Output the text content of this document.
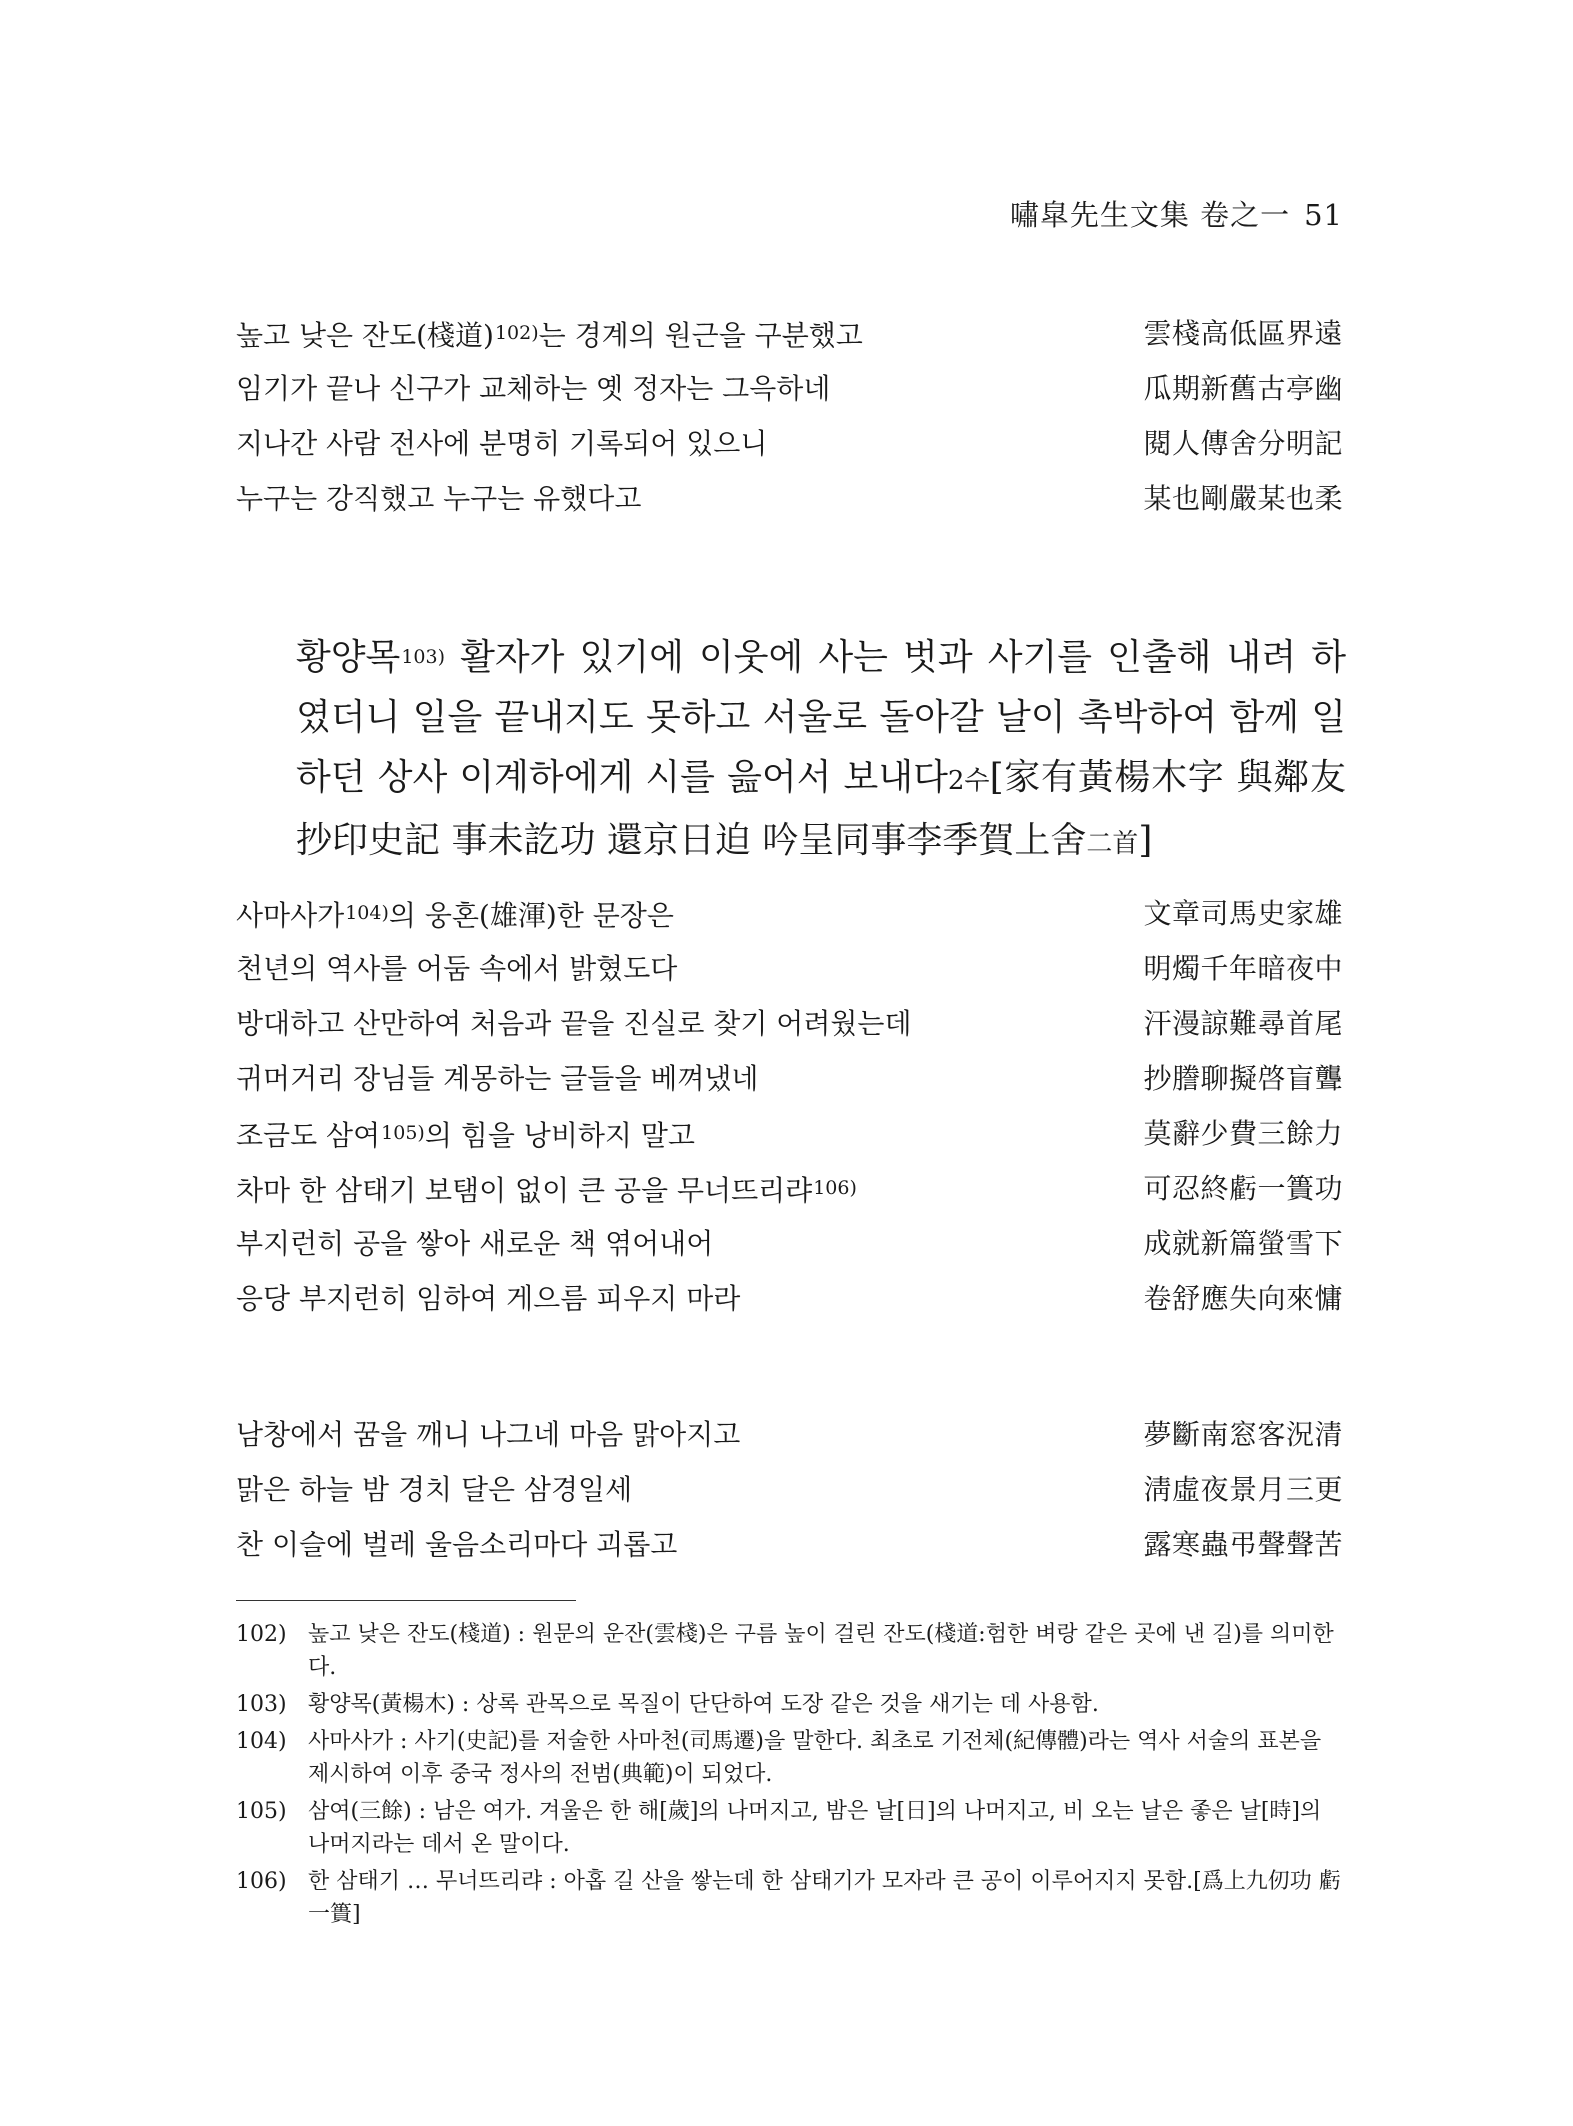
嘯皐先生文集 卷之一 51
높고 낮은 잔도(棧道)$^{102)}$는 경계의 원근을 구분했고	雲棧高低區界遠
임기가 끝나 신구가 교체하는 옛 정자는 그윽하네	瓜期新舊古亭幽
지나간 사람 전사에 분명히 기록되어 있으니	閱人傳舍分明記
누구는 강직했고 누구는 유했다고	某也剛嚴某也柔
황양목103) 활자가 있기에 이웃에 사는 벗과 사기를 인출해 내려 하였더니 일을 끝내지도 못하고 서울로 돌아갈 날이 촉박하여 함께 일하던 상사 이계하에게 시를 읊어서 보내다2수[家有黃楊木字 與鄰友抄印史記 事未訖功 還京日迫 吟呈同事李季賀上舍二首]
사마사가$^{104)}$의 웅혼(雄渾)한 문장은	文章司馬史家雄
천년의 역사를 어둠 속에서 밝혔도다	明燭千年暗夜中
방대하고 산만하여 처음과 끝을 진실로 찾기 어려웠는데	汗漫諒難尋首尾
귀머거리 장님들 계몽하는 글들을 베껴냈네	抄謄聊擬啓盲聾
조금도 삼여$^{105)}$의 힘을 낭비하지 말고	莫辭少費三餘力
차마 한 삼태기 보탬이 없이 큰 공을 무너뜨리랴$^{106)}$	可忍終虧一簣功
부지런히 공을 쌓아 새로운 책 엮어내어	成就新篇螢雪下
응당 부지런히 임하여 게으름 피우지 마라	卷舒應失向來慵
남창에서 꿈을 깨니 나그네 마음 맑아지고	夢斷南窓客況清
맑은 하늘 밤 경치 달은 삼경일세	淸虛夜景月三更
찬 이슬에 벌레 울음소리마다 괴롭고	露寒蟲弔聲聲苦
102) 높고 낮은 잔도(棧道) : 원문의 운잔(雲棧)은 구름 높이 걸린 잔도(棧道:험한 벼랑 같은 곳에 낸 길)를 의미한다.
103) 황양목(黃楊木) : 상록 관목으로 목질이 단단하여 도장 같은 것을 새기는 데 사용함.
104) 사마사가 : 사기(史記)를 저술한 사마천(司馬遷)을 말한다. 최초로 기전체(紀傳體)라는 역사 서술의 표본을 제시하여 이후 중국 정사의 전범(典範)이 되었다.
105) 삼여(三餘) : 남은 여가. 겨울은 한 해[歲]의 나머지고, 밤은 날[日]의 나머지고, 비 오는 날은 좋은 날[時]의 나머지라는 데서 온 말이다.
106) 한 삼태기 … 무너뜨리랴 : 아홉 길 산을 쌓는데 한 삼태기가 모자라 큰 공이 이루어지지 못함.[爲上九仞功 虧一簣]
